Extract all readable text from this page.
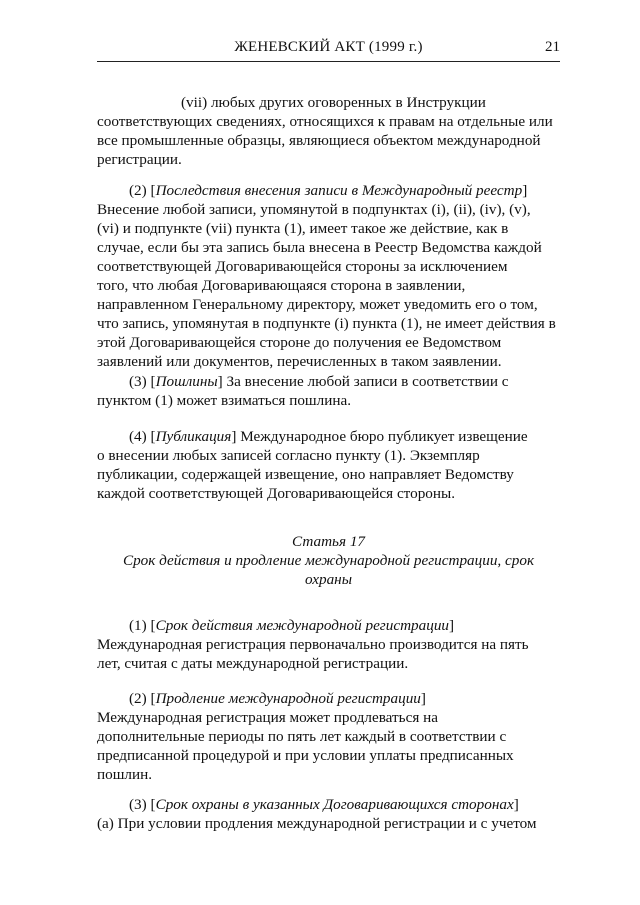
ЖЕНЕВСКИЙ АКТ (1999 г.)	21
(vii) любых других оговоренных в Инструкции
соответствующих сведениях, относящихся к правам на отдельные или
все промышленные образцы, являющиеся объектом международной
регистрации.
(2) [Последствия внесения записи в Международный реестр]
Внесение любой записи, упомянутой в подпунктах (i), (ii), (iv), (v),
(vi) и подпункте (vii) пункта (1), имеет такое же действие, как в
случае, если бы эта запись была внесена в Реестр Ведомства каждой
соответствующей Договаривающейся стороны за исключением
того, что любая Договаривающаяся сторона в заявлении,
направленном Генеральному директору, может уведомить его о том,
что запись, упомянутая в подпункте (i) пункта (1), не имеет действия в
этой Договаривающейся стороне до получения ее Ведомством
заявлений или документов, перечисленных в таком заявлении.
(3) [Пошлины] За внесение любой записи в соответствии с
пунктом (1) может взиматься пошлина.
(4) [Публикация] Международное бюро публикует извещение
о внесении любых записей согласно пункту (1). Экземпляр
публикации, содержащей извещение, оно направляет Ведомству
каждой соответствующей Договаривающейся стороны.
Статья 17
Срок действия и продление международной регистрации, срок
охраны
(1) [Срок действия международной регистрации]
Международная регистрация первоначально производится на пять
лет, считая с даты международной регистрации.
(2) [Продление международной регистрации]
Международная регистрация может продлеваться на
дополнительные периоды по пять лет каждый в соответствии с
предписанной процедурой и при условии уплаты предписанных
пошлин.
(3) [Срок охраны в указанных Договаривающихся сторонах]
(а) При условии продления международной регистрации и с учетом
